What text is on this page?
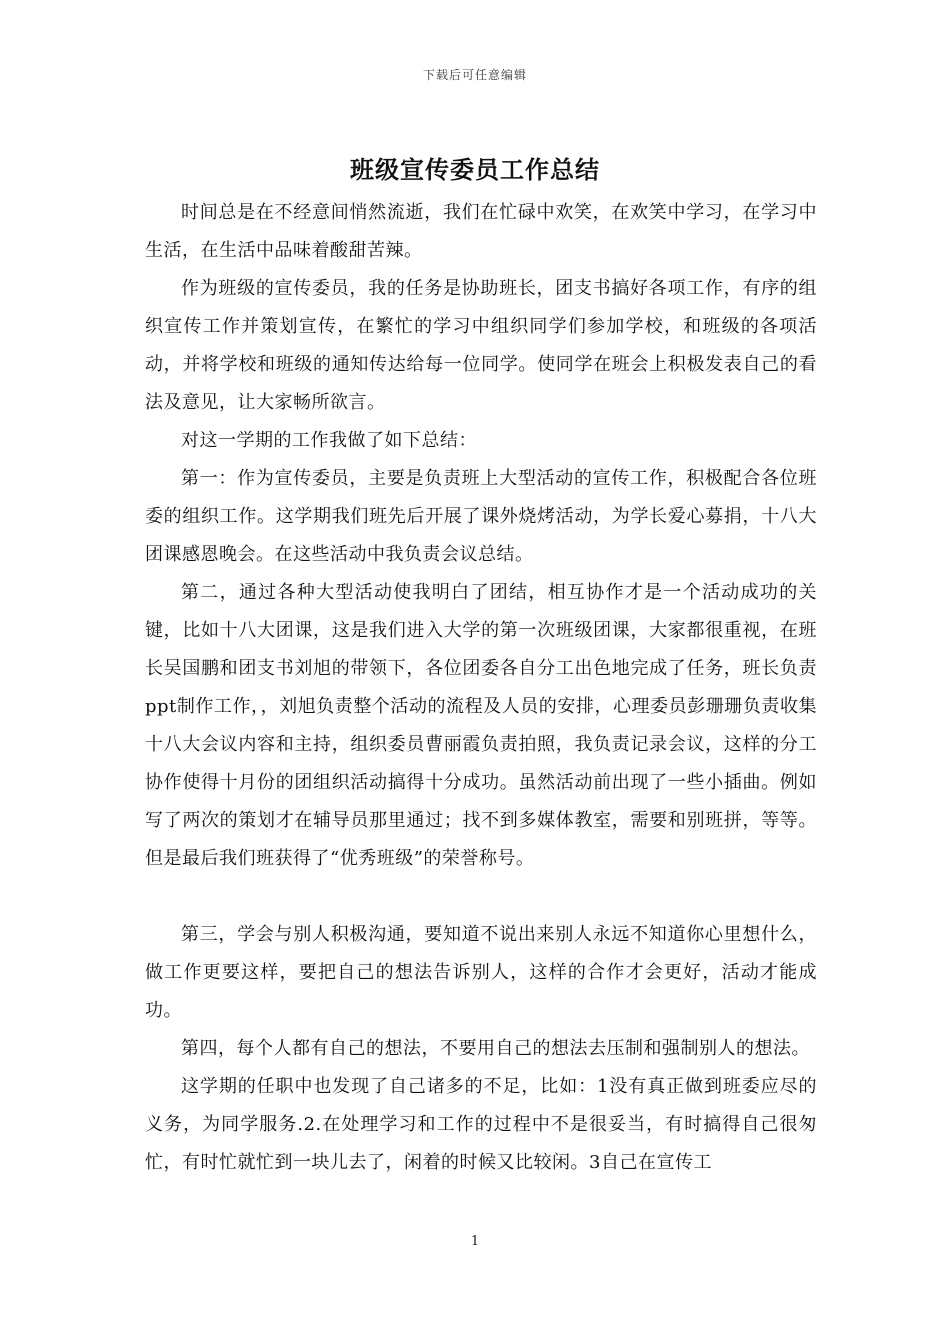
下载后可任意编辑
班级宣传委员工作总结

时间总是在不经意间悄然流逝，我们在忙碌中欢笑，在欢笑中学习，在学习中生活，在生活中品味着酸甜苦辣。

作为班级的宣传委员，我的任务是协助班长，团支书搞好各项工作，有序的组织宣传工作并策划宣传，在繁忙的学习中组织同学们参加学校，和班级的各项活动，并将学校和班级的通知传达给每一位同学。使同学在班会上积极发表自己的看法及意见，让大家畅所欲言。

对这一学期的工作我做了如下总结：

第一：作为宣传委员，主要是负责班上大型活动的宣传工作，积极配合各位班委的组织工作。这学期我们班先后开展了课外烧烤活动，为学长爱心募捐，十八大团课感恩晚会。在这些活动中我负责会议总结。

第二，通过各种大型活动使我明白了团结，相互协作才是一个活动成功的关键，比如十八大团课，这是我们进入大学的第一次班级团课，大家都很重视，在班长吴国鹏和团支书刘旭的带领下，各位团委各自分工出色地完成了任务，班长负责ppt制作工作，，刘旭负责整个活动的流程及人员的安排，心理委员彭珊珊负责收集十八大会议内容和主持，组织委员曹丽霞负责拍照，我负责记录会议，这样的分工协作使得十月份的团组织活动搞得十分成功。虽然活动前出现了一些小插曲。例如写了两次的策划才在辅导员那里通过；找不到多媒体教室，需要和别班拼，等等。但是最后我们班获得了“优秀班级”的荣誉称号。

第三，学会与别人积极沟通，要知道不说出来别人永远不知道你心里想什么，做工作更要这样，要把自己的想法告诉别人，这样的合作才会更好，活动才能成功。

第四，每个人都有自己的想法，不要用自己的想法去压制和强制别人的想法。

这学期的任职中也发现了自己诸多的不足，比如：1没有真正做到班委应尽的义务，为同学服务.2.在处理学习和工作的过程中不是很妥当，有时搞得自己很匆忙，有时忙就忙到一块儿去了，闲着的时候又比较闲。3自己在宣传工

1
